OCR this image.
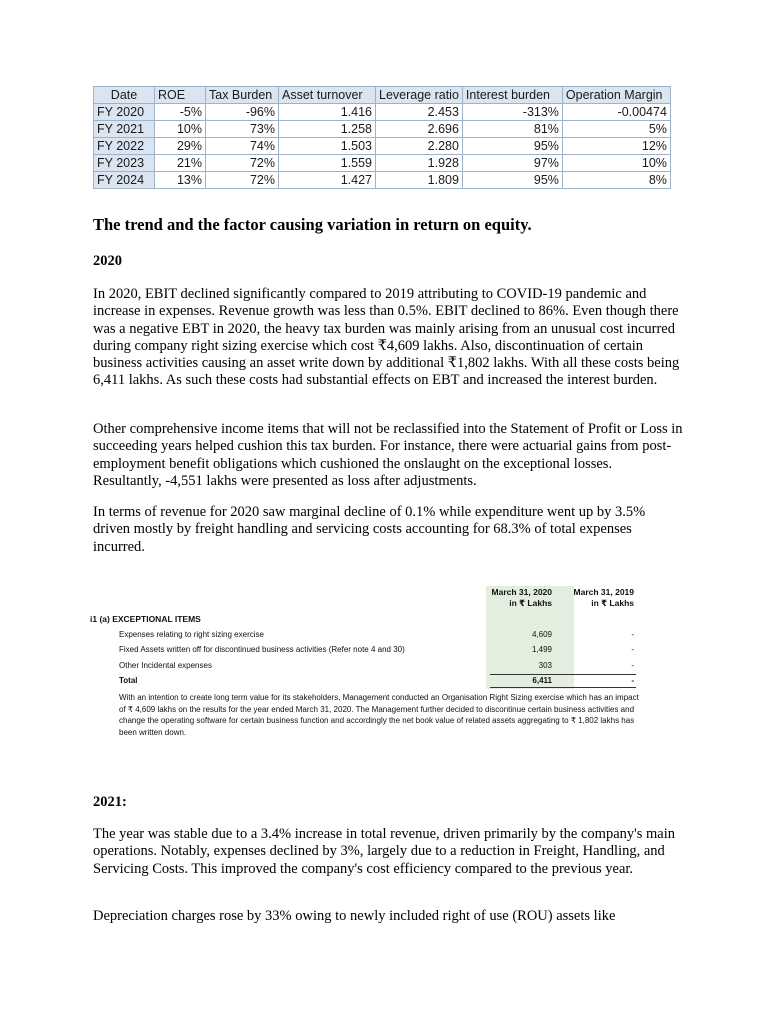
Date	ROE	Tax Burden	Asset turnover	Leverage ratio	Interest burden	Operation Margin
FY 2020	-5%	-96%	1.416	2.453	-313%	-0.00474
FY 2021	10%	73%	1.258	2.696	81%	5%
FY 2022	29%	74%	1.503	2.280	95%	12%
FY 2023	21%	72%	1.559	1.928	97%	10%
FY 2024	13%	72%	1.427	1.809	95%	8%
The trend and the factor causing variation in return on equity.
2020

In 2020, EBIT declined significantly compared to 2019 attributing to COVID-19 pandemic and increase in expenses. Revenue growth was less than 0.5%. EBIT declined to 86%. Even though there was a negative EBT in 2020, the heavy tax burden was mainly arising from an unusual cost incurred during company right sizing exercise which cost ₹4,609 lakhs. Also, discontinuation of certain business activities causing an asset write down by additional ₹1,802 lakhs. With all these costs being 6,411 lakhs. As such these costs had substantial effects on EBT and increased the interest burden.

Other comprehensive income items that will not be reclassified into the Statement of Profit or Loss in succeeding years helped cushion this tax burden. For instance, there were actuarial gains from post-employment benefit obligations which cushioned the onslaught on the exceptional losses. Resultantly, -4,551 lakhs were presented as loss after adjustments.

In terms of revenue for 2020 saw marginal decline of 0.1% while expenditure went up by 3.5% driven mostly by freight handling and servicing costs accounting for 68.3% of total expenses incurred.

March 31, 2020
in ₹ Lakhs
March 31, 2019
in ₹ Lakhs
i1 (a) EXCEPTIONAL ITEMS
Expenses relating to right sizing exercise	4,609	-
Fixed Assets written off for discontinued business activities (Refer note 4 and 30)	1,499	-
Other Incidental expenses	303	-
Total	6,411	-
With an intention to create long term value for its stakeholders, Management conducted an Organisation Right Sizing exercise which has an impact of ₹ 4,609 lakhs on the results for the year ended March 31, 2020. The Management further decided to discontinue certain business activities and change the operating software for certain business function and accordingly the net book value of related assets aggregating to ₹ 1,802 lakhs has been written down.
2021:

The year was stable due to a 3.4% increase in total revenue, driven primarily by the company's main operations. Notably, expenses declined by 3%, largely due to a reduction in Freight, Handling, and Servicing Costs. This improved the company's cost efficiency compared to the previous year.

Depreciation charges rose by 33% owing to newly included right of use (ROU) assets like
